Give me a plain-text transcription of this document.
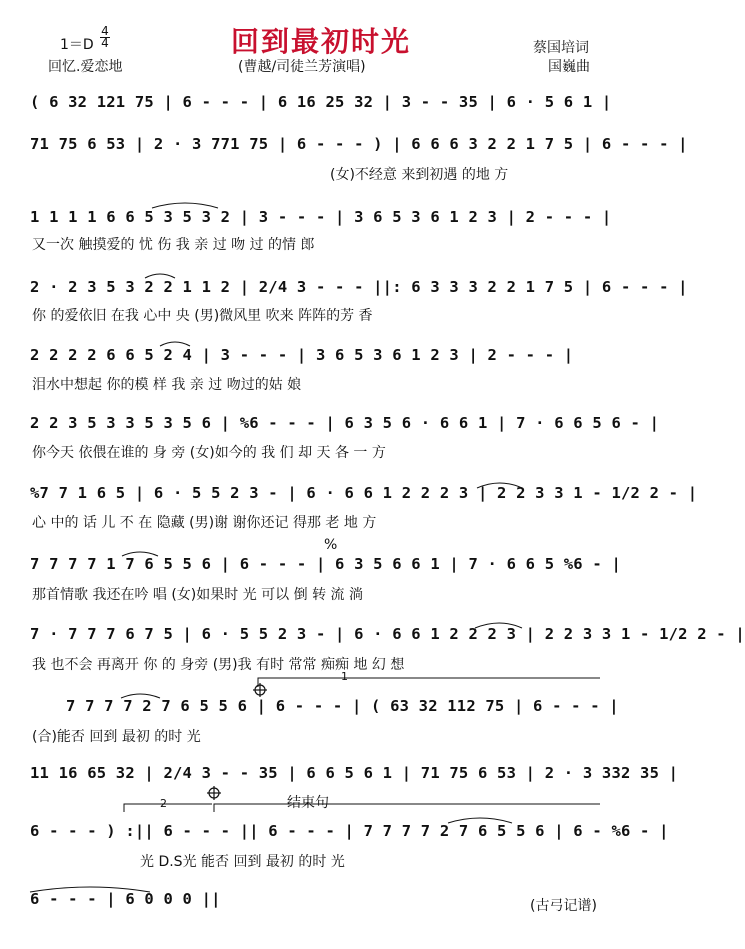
回到最初时光
1＝D
4
4
回忆.爱恋地	(曹越/司徒兰芳演唱)
蔡国培词
国巍曲
( 6 32 121 75 | 6 - - - | 6 16 25 32 | 3 - - 35 | 6 · 5 6 1 |
71 75 6 53 | 2 · 3 771 75 | 6 - - - ) | 6 6 6 3 2 2 1 7 5 | 6 - - - |
(女)不经意 来到初遇 的地 方
1 1 1 1 6 6 5 3 5 3 2 | 3 - - - | 3 6 5 3 6 1 2 3 | 2 - - - |
又一次 触摸爱的 忧 伤 我 亲 过 吻 过 的情 郎
2 · 2 3 5 3 2 2 1 1 2 | 2/4 3 - - - ||: 6 3 3 3 2 2 1 7 5 | 6 - - - |
你 的爱依旧 在我 心中 央 (男)微风里 吹来 阵阵的芳 香
2 2 2 2 6 6 5 2 4 | 3 - - - | 3 6 5 3 6 1 2 3 | 2 - - - |
泪水中想起 你的模 样 我 亲 过 吻过的姑 娘
2 2 3 5 3 3 5 3 5 6 | %6 - - - | 6 3 5 6 · 6 6 1 | 7 · 6 6 5 6 - |
你今天 依偎在谁的 身 旁 (女)如今的 我 们 却 天 各 一 方
%7 7 1 6 5 | 6 · 5 5 2 3 - | 6 · 6 6 1 2 2 2 3 | 2 2 3 3 1 - 1/2 2 - |
心 中的 话 儿 不 在 隐藏 (男)谢 谢你还记 得那 老 地 方
7 7 7 7 1 7 6 5 5 6 | 6 - - - | 6 3 5 6 6 1 | 7 · 6 6 5 %6 - |
那首情歌 我还在吟 唱 (女)如果时 光 可以 倒 转 流 淌
7 · 7 7 7 6 7 5 | 6 · 5 5 2 3 - | 6 · 6 6 1 2 2 2 3 | 2 2 3 3 1 - 1/2 2 - |
我 也不会 再离开 你 的 身旁 (男)我 有时 常常 痴痴 地 幻 想
7 7 7 7 2 7 6 5 5 6 | 6 - - - | ( 63 32 112 75 | 6 - - - |
(合)能否 回到 最初 的时 光
11 16 65 32 | 2/4 3 - - 35 | 6 6 5 6 1 | 71 75 6 53 | 2 · 3 332 35 |
6 - - - ) :|| 6 - - - || 6 - - - | 7 7 7 7 2 7 6 5 5 6 | 6 - %6 - |
光 D.S光 能否 回到 最初 的时 光
6 - - - | 6 0 0 0 ||
1
2	结束句
%
(古弓记谱)
